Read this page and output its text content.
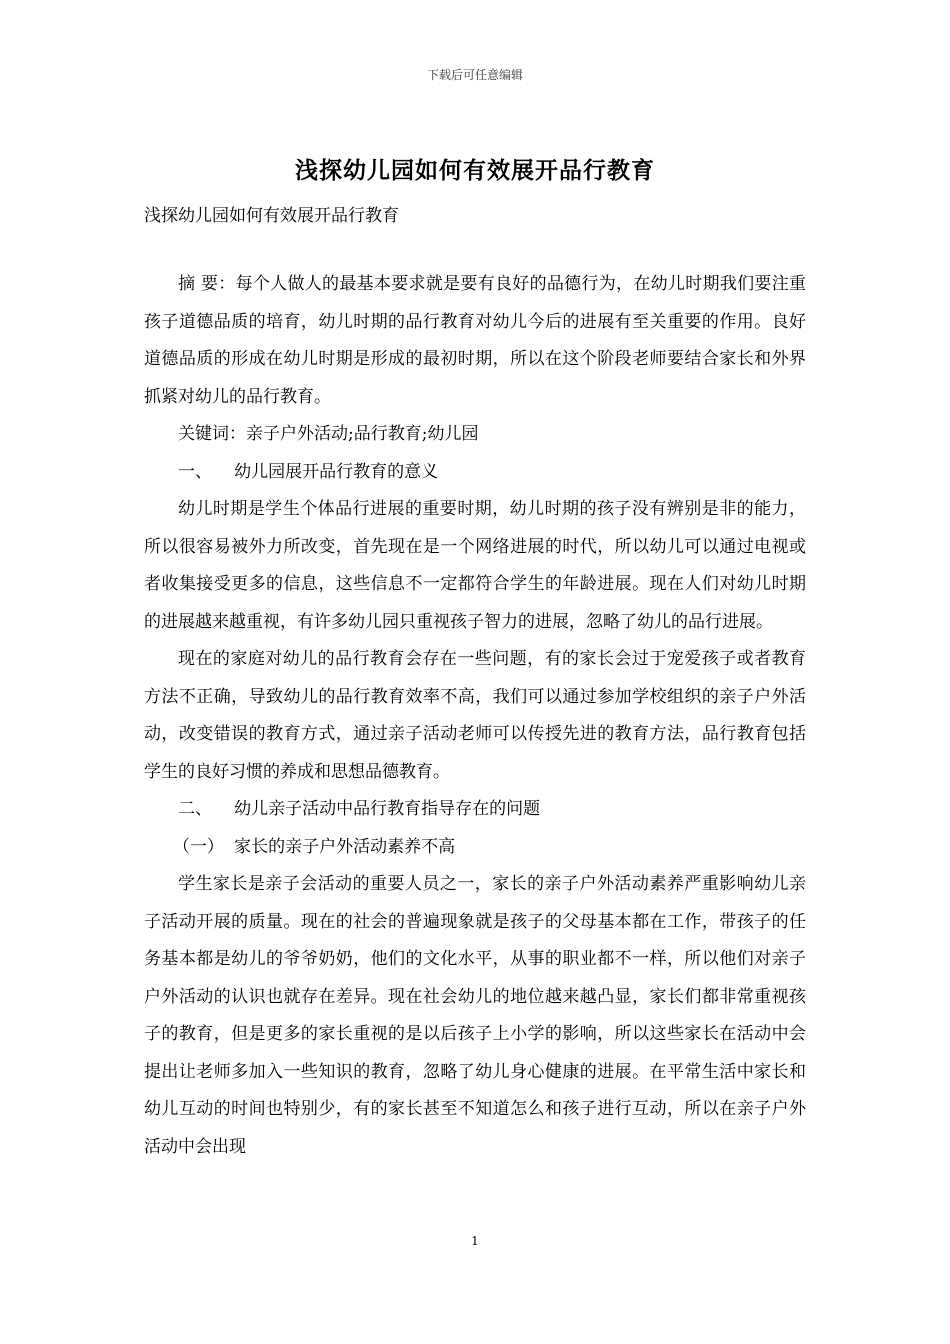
下载后可任意编辑
浅探幼儿园如何有效展开品行教育
浅探幼儿园如何有效展开品行教育

摘 要：每个人做人的最基本要求就是要有良好的品德行为，在幼儿时期我们要注重孩子道德品质的培育，幼儿时期的品行教育对幼儿今后的进展有至关重要的作用。良好道德品质的形成在幼儿时期是形成的最初时期，所以在这个阶段老师要结合家长和外界抓紧对幼儿的品行教育。

关键词：亲子户外活动;品行教育;幼儿园

一、 幼儿园展开品行教育的意义

幼儿时期是学生个体品行进展的重要时期，幼儿时期的孩子没有辨别是非的能力，所以很容易被外力所改变，首先现在是一个网络进展的时代，所以幼儿可以通过电视或者收集接受更多的信息，这些信息不一定都符合学生的年龄进展。现在人们对幼儿时期的进展越来越重视，有许多幼儿园只重视孩子智力的进展，忽略了幼儿的品行进展。

现在的家庭对幼儿的品行教育会存在一些问题，有的家长会过于宠爱孩子或者教育方法不正确，导致幼儿的品行教育效率不高，我们可以通过参加学校组织的亲子户外活动，改变错误的教育方式，通过亲子活动老师可以传授先进的教育方法，品行教育包括学生的良好习惯的养成和思想品德教育。

二、 幼儿亲子活动中品行教育指导存在的问题

（一） 家长的亲子户外活动素养不高

学生家长是亲子会活动的重要人员之一，家长的亲子户外活动素养严重影响幼儿亲子活动开展的质量。现在的社会的普遍现象就是孩子的父母基本都在工作，带孩子的任务基本都是幼儿的爷爷奶奶，他们的文化水平，从事的职业都不一样，所以他们对亲子户外活动的认识也就存在差异。现在社会幼儿的地位越来越凸显，家长们都非常重视孩子的教育，但是更多的家长重视的是以后孩子上小学的影响，所以这些家长在活动中会提出让老师多加入一些知识的教育，忽略了幼儿身心健康的进展。在平常生活中家长和幼儿互动的时间也特别少，有的家长甚至不知道怎么和孩子进行互动，所以在亲子户外活动中会出现

1
